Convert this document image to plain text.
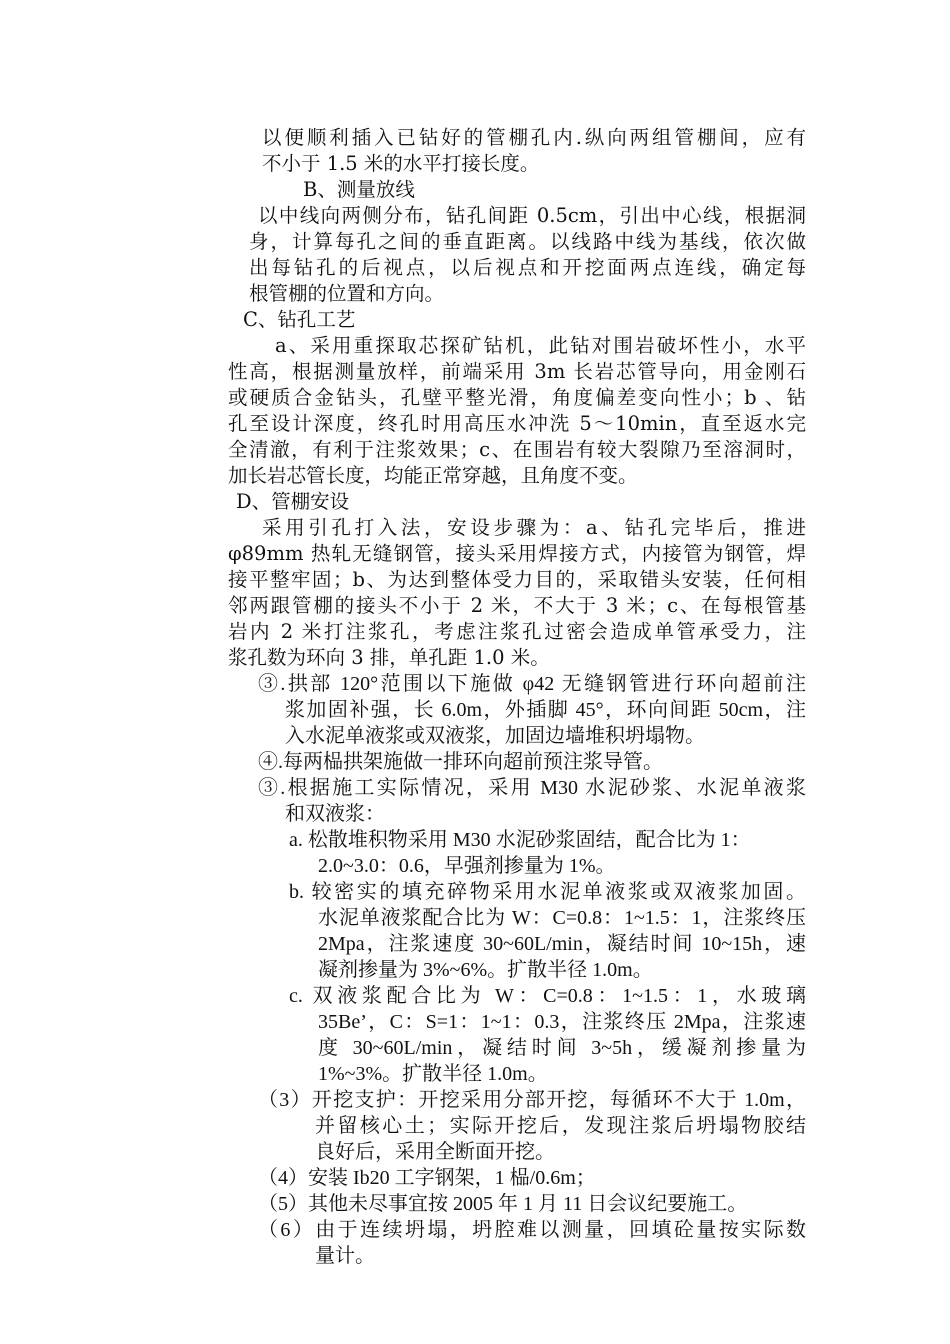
以便顺利插入已钻好的管棚孔内.纵向两组管棚间，应有
不小于 1.5 米的水平打接长度。
B、测量放线
以中线向两侧分布，钻孔间距 0.5cm，引出中心线，根据洞
身，计算每孔之间的垂直距离。以线路中线为基线，依次做
出每钻孔的后视点，以后视点和开挖面两点连线，确定每
根管棚的位置和方向。
C、钻孔工艺
a、采用重探取芯探矿钻机，此钻对围岩破坏性小，水平
性高，根据测量放样，前端采用 3m 长岩芯管导向，用金刚石
或硬质合金钻头，孔壁平整光滑，角度偏差变向性小；b 、钻
孔至设计深度，终孔时用高压水冲洗 5～10min，直至返水完
全清澈，有利于注浆效果；c、在围岩有较大裂隙乃至溶洞时，
加长岩芯管长度，均能正常穿越，且角度不变。
D、管棚安设
采用引孔打入法，安设步骤为：a、钻孔完毕后，推进
φ89mm 热轧无缝钢管，接头采用焊接方式，内接管为钢管，焊
接平整牢固；b、为达到整体受力目的，采取错头安装，任何相
邻两跟管棚的接头不小于 2 米，不大于 3 米；c、在每根管基
岩内 2 米打注浆孔，考虑注浆孔过密会造成单管承受力，注
浆孔数为环向 3 排，单孔距 1.0 米。
③.拱部 120°范围以下施做 φ42 无缝钢管进行环向超前注
浆加固补强，长 6.0m，外插脚 45°，环向间距 50cm，注
入水泥单液浆或双液浆，加固边墙堆积坍塌物。
④.每两榀拱架施做一排环向超前预注浆导管。
③.根据施工实际情况，采用 M30 水泥砂浆、水泥单液浆
和双液浆：
a. 松散堆积物采用 M30 水泥砂浆固结，配合比为 1：
2.0~3.0：0.6，早强剂掺量为 1%。
b. 较密实的填充碎物采用水泥单液浆或双液浆加固。
水泥单液浆配合比为 W：C=0.8：1~1.5：1，注浆终压
2Mpa，注浆速度 30~60L/min，凝结时间 10~15h，速
凝剂掺量为 3%~6%。扩散半径 1.0m。
c. 双液浆配合比为 W：C=0.8：1~1.5：1，水玻璃
35Be’，C：S=1：1~1：0.3，注浆终压 2Mpa，注浆速
度 30~60L/min，凝结时间 3~5h，缓凝剂掺量为
1%~3%。扩散半径 1.0m。
（3）开挖支护：开挖采用分部开挖，每循环不大于 1.0m，
并留核心土；实际开挖后，发现注浆后坍塌物胶结
良好后，采用全断面开挖。
（4）安装 Ib20 工字钢架，1 榀/0.6m；
（5）其他未尽事宜按 2005 年 1 月 11 日会议纪要施工。
（6）由于连续坍塌，坍腔难以测量，回填砼量按实际数
量计。
